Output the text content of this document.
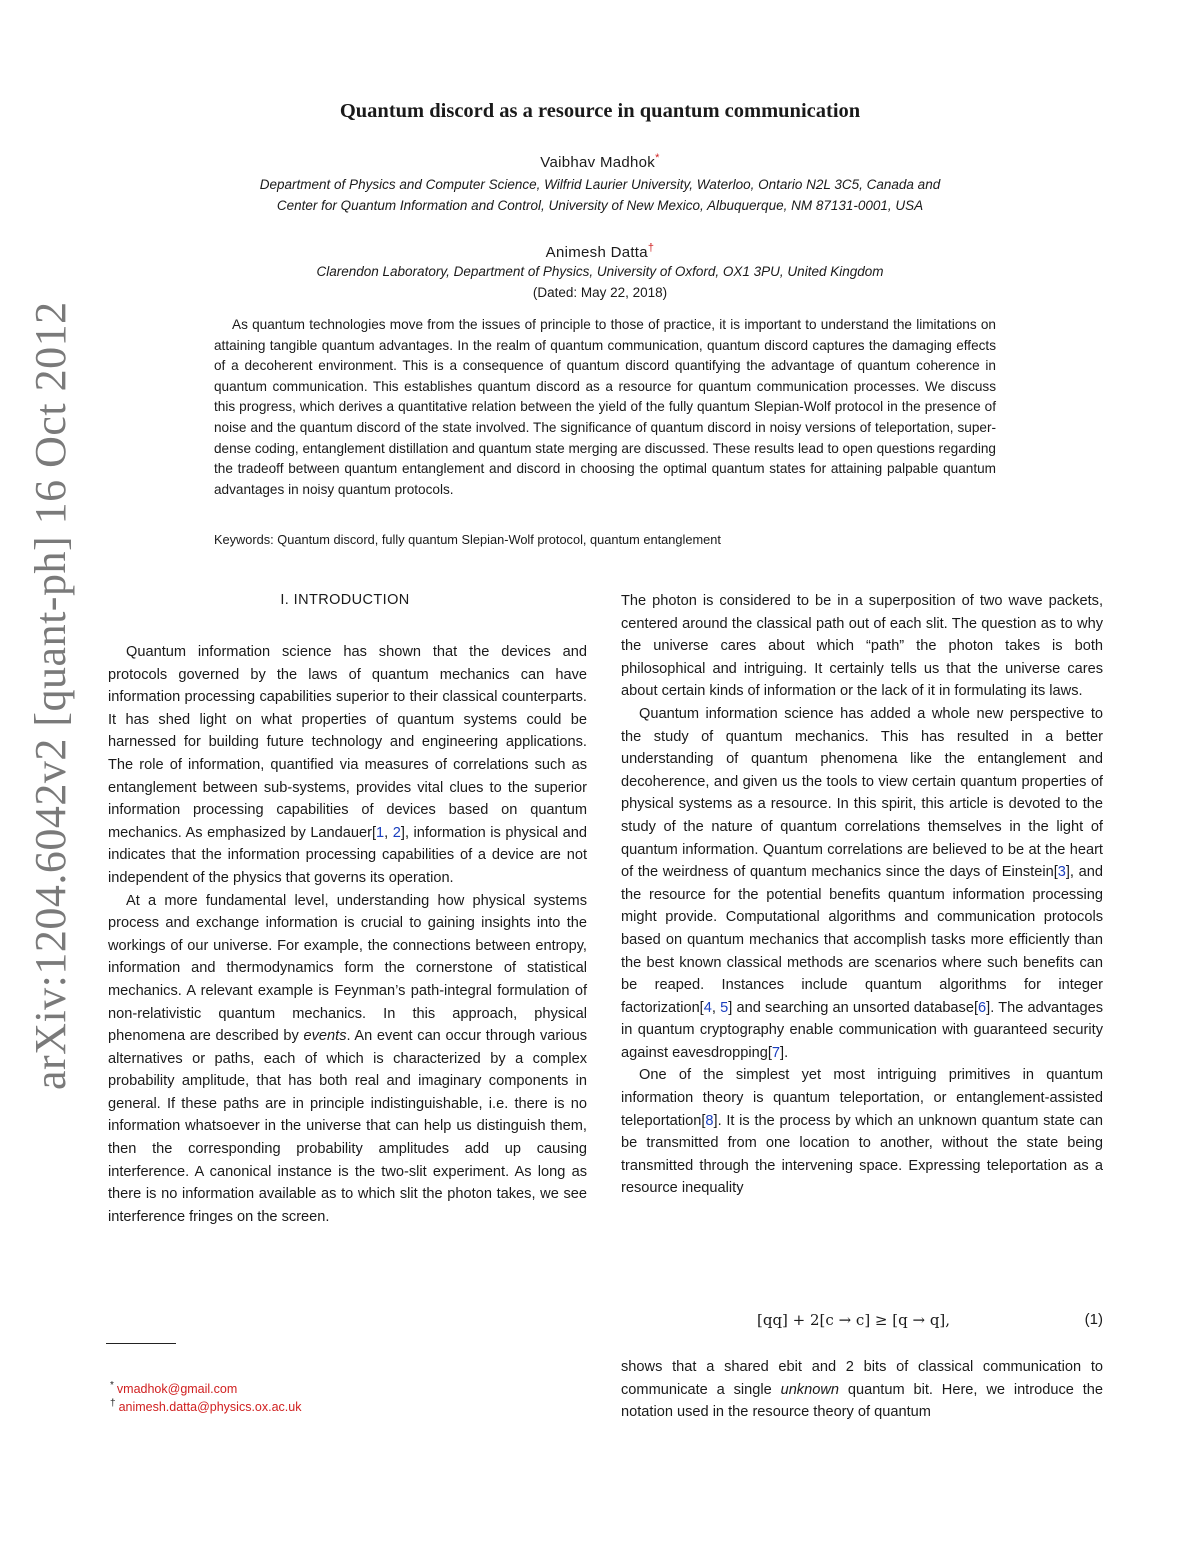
arXiv:1204.6042v2 [quant-ph] 16 Oct 2012
Quantum discord as a resource in quantum communication
Vaibhav Madhok*
Department of Physics and Computer Science, Wilfrid Laurier University, Waterloo, Ontario N2L 3C5, Canada and
Center for Quantum Information and Control, University of New Mexico, Albuquerque, NM 87131-0001, USA
Animesh Datta†
Clarendon Laboratory, Department of Physics, University of Oxford, OX1 3PU, United Kingdom
(Dated: May 22, 2018)
As quantum technologies move from the issues of principle to those of practice, it is important to understand the limitations on attaining tangible quantum advantages. In the realm of quantum communication, quantum discord captures the damaging effects of a decoherent environment. This is a consequence of quantum discord quantifying the advantage of quantum coherence in quantum communication. This establishes quantum discord as a resource for quantum communication processes. We discuss this progress, which derives a quantitative relation between the yield of the fully quantum Slepian-Wolf protocol in the presence of noise and the quantum discord of the state involved. The significance of quantum discord in noisy versions of teleportation, super-dense coding, entanglement distillation and quantum state merging are discussed. These results lead to open questions regarding the tradeoff between quantum entanglement and discord in choosing the optimal quantum states for attaining palpable quantum advantages in noisy quantum protocols.
Keywords: Quantum discord, fully quantum Slepian-Wolf protocol, quantum entanglement
I. INTRODUCTION

Quantum information science has shown that the devices and protocols governed by the laws of quantum mechanics can have information processing capabilities superior to their classical counterparts. It has shed light on what properties of quantum systems could be harnessed for building future technology and engineering applications. The role of information, quantified via measures of correlations such as entanglement between sub-systems, provides vital clues to the superior information processing capabilities of devices based on quantum mechanics. As emphasized by Landauer[1, 2], information is physical and indicates that the information processing capabilities of a device are not independent of the physics that governs its operation.

At a more fundamental level, understanding how physical systems process and exchange information is crucial to gaining insights into the workings of our universe. For example, the connections between entropy, information and thermodynamics form the cornerstone of statistical mechanics. A relevant example is Feynman’s path-integral formulation of non-relativistic quantum mechanics. In this approach, physical phenomena are described by events. An event can occur through various alternatives or paths, each of which is characterized by a complex probability amplitude, that has both real and imaginary components in general. If these paths are in principle indistinguishable, i.e. there is no information whatsoever in the universe that can help us distinguish them, then the corresponding probability amplitudes add up causing interference. A canonical instance is the two-slit experiment. As long as there is no information available as to which slit the photon takes, we see interference fringes on the screen.

The photon is considered to be in a superposition of two wave packets, centered around the classical path out of each slit. The question as to why the universe cares about which “path” the photon takes is both philosophical and intriguing. It certainly tells us that the universe cares about certain kinds of information or the lack of it in formulating its laws.

Quantum information science has added a whole new perspective to the study of quantum mechanics. This has resulted in a better understanding of quantum phenomena like the entanglement and decoherence, and given us the tools to view certain quantum properties of physical systems as a resource. In this spirit, this article is devoted to the study of the nature of quantum correlations themselves in the light of quantum information. Quantum correlations are believed to be at the heart of the weirdness of quantum mechanics since the days of Einstein[3], and the resource for the potential benefits quantum information processing might provide. Computational algorithms and communication protocols based on quantum mechanics that accomplish tasks more efficiently than the best known classical methods are scenarios where such benefits can be reaped. Instances include quantum algorithms for integer factorization[4, 5] and searching an unsorted database[6]. The advantages in quantum cryptography enable communication with guaranteed security against eavesdropping[7].

One of the simplest yet most intriguing primitives in quantum information theory is quantum teleportation, or entanglement-assisted teleportation[8]. It is the process by which an unknown quantum state can be transmitted from one location to another, without the state being transmitted through the intervening space. Expressing teleportation as a resource inequality

[qq] + 2[c → c] ≥ [q → q],	(1)

shows that a shared ebit and 2 bits of classical communication to communicate a single unknown quantum bit. Here, we introduce the notation used in the resource theory of quantum

* vmadhok@gmail.com
† animesh.datta@physics.ox.ac.uk
